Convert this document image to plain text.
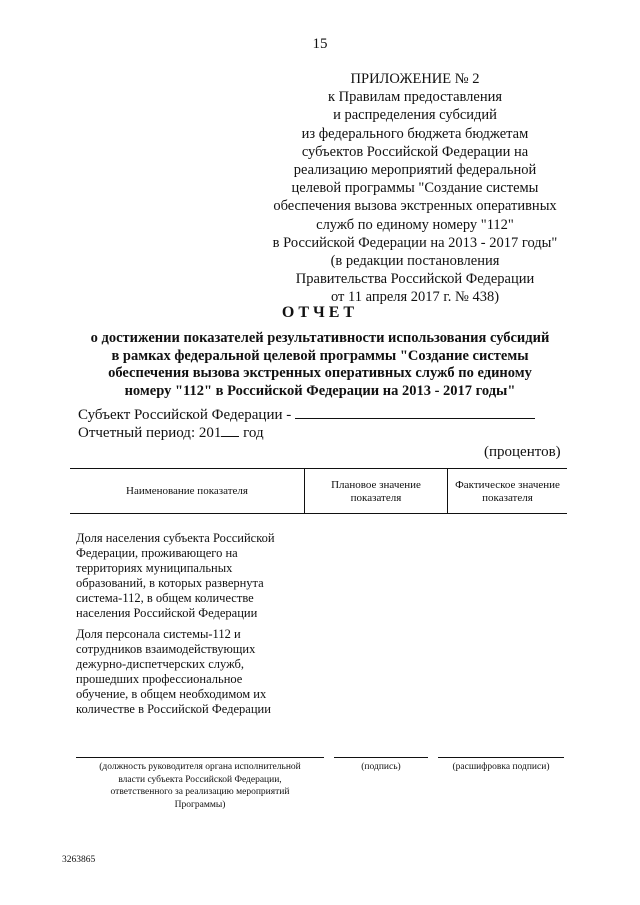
15
ПРИЛОЖЕНИЕ № 2
к Правилам предоставления
и распределения субсидий
из федерального бюджета бюджетам
субъектов Российской Федерации на
реализацию мероприятий федеральной
целевой программы "Создание системы
обеспечения вызова экстренных оперативных
служб по единому номеру "112"
в Российской Федерации на 2013 - 2017 годы"
(в редакции постановления
Правительства Российской Федерации
от 11 апреля 2017 г. № 438)
ОТЧЕТ
о достижении показателей результативности использования субсидий
в рамках федеральной целевой программы "Создание системы
обеспечения вызова экстренных оперативных служб по единому
номеру "112" в Российской Федерации на 2013 - 2017 годы"
Субъект Российской Федерации -
Отчетный период: 201 год
(процентов)
Наименование показателя
Плановое значение показателя
Фактическое значение показателя
Доля населения субъекта Российской
Федерации, проживающего на
территориях муниципальных
образований, в которых развернута
система-112, в общем количестве
населения Российской Федерации
Доля персонала системы-112 и
сотрудников взаимодействующих
дежурно-диспетчерских служб,
прошедших профессиональное
обучение, в общем необходимом их
количестве в Российской Федерации
(должность руководителя органа исполнительной
власти субъекта Российской Федерации,
ответственного за реализацию мероприятий
Программы)
(подпись)	(расшифровка подписи)
3263865
